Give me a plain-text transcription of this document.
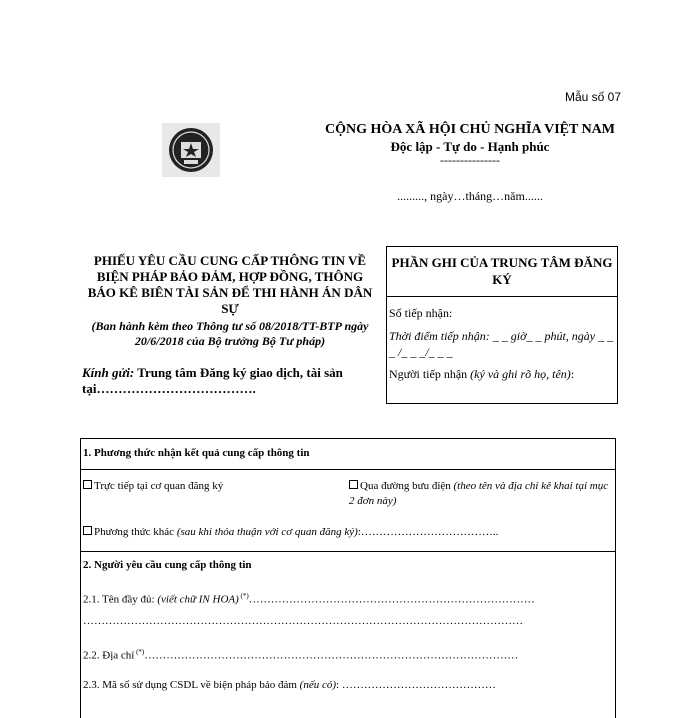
Mẫu số 07
CỘNG HÒA XÃ HỘI CHỦ NGHĨA VIỆT NAM
Độc lập - Tự do - Hạnh phúc
---------------
........., ngày…tháng…năm......
PHIẾU YÊU CẦU CUNG CẤP THÔNG TIN VỀ BIỆN PHÁP BẢO ĐẢM, HỢP ĐỒNG, THÔNG BÁO KÊ BIÊN TÀI SẢN ĐỂ THI HÀNH ÁN DÂN SỰ
(Ban hành kèm theo Thông tư số 08/2018/TT-BTP ngày 20/6/2018 của Bộ trưởng Bộ Tư pháp)
Kính gửi: Trung tâm Đăng ký giao dịch, tài sản tại……………………………….
PHẦN GHI CỦA TRUNG TÂM ĐĂNG KÝ
Số tiếp nhận:
Thời điểm tiếp nhận: _ _ giờ_ _ phút, ngày _ _ _ /_ _ _/_ _ _
Người tiếp nhận (ký và ghi rõ họ, tên):
1. Phương thức nhận kết quả cung cấp thông tin
Trực tiếp tại cơ quan đăng ký	Qua đường bưu điện (theo tên và địa chỉ kê khai tại mục 2 đơn này)
Phương thức khác (sau khi thỏa thuận với cơ quan đăng ký):………………………………..
2. Người yêu cầu cung cấp thông tin
2.1. Tên đầy đủ: (viết chữ IN HOA) (*)……………………………………………………………………
…………………………………………………………………………………………………………
2.2. Địa chỉ (*)…………………………………………………………………………………………
2.3. Mã số sử dụng CSDL về biện pháp bảo đảm (nếu có): ……………………………………
